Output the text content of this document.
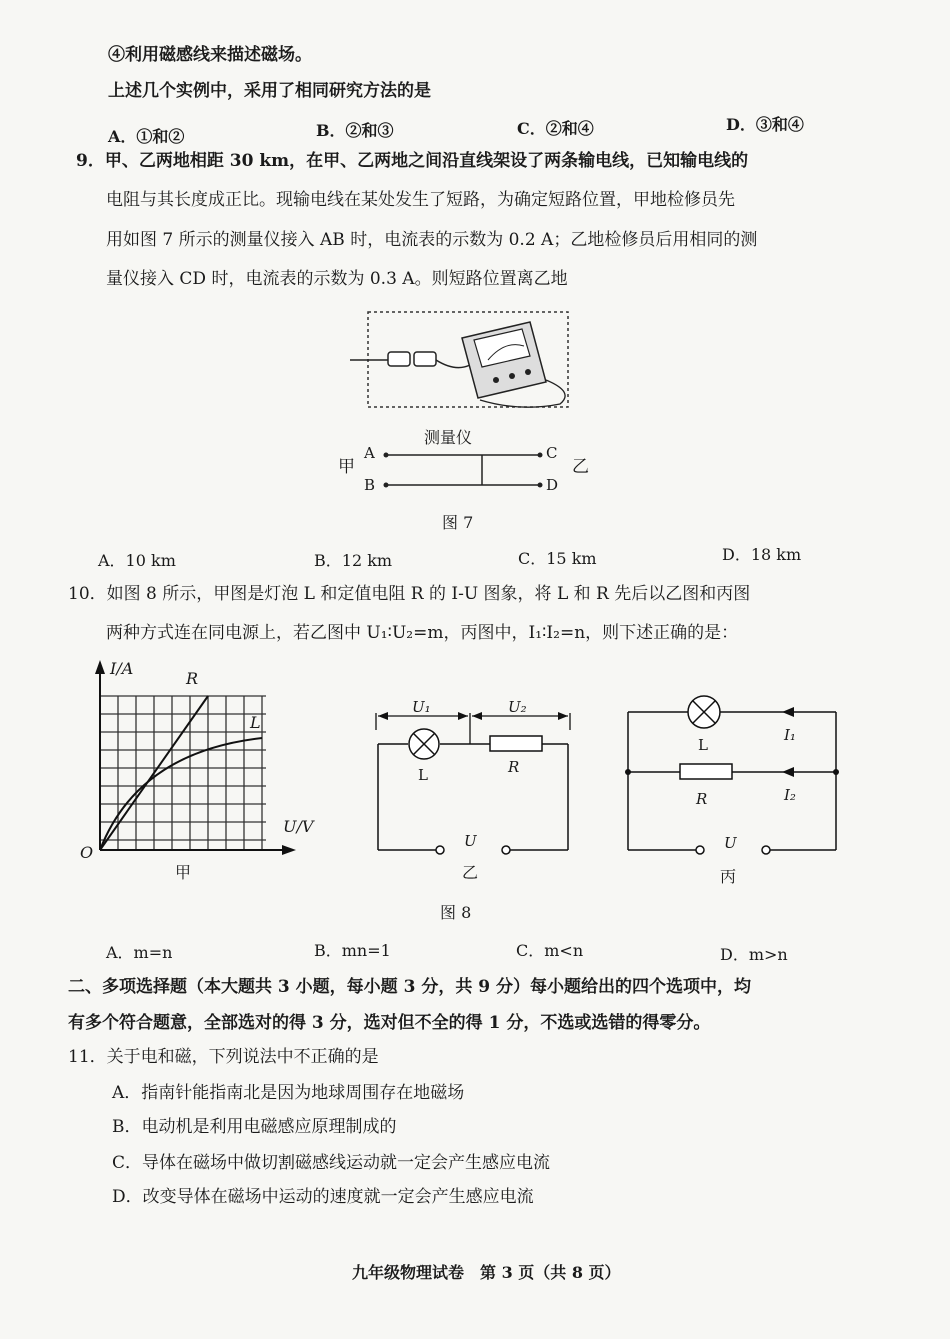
④利用磁感线来描述磁场。
上述几个实例中，采用了相同研究方法的是
A．①和②	B．②和③	C．②和④	D．③和④
9．甲、乙两地相距 30 km，在甲、乙两地之间沿直线架设了两条输电线，已知输电线的
电阻与其长度成正比。现输电线在某处发生了短路，为确定短路位置，甲地检修员先
用如图 7 所示的测量仪接入 AB 时，电流表的示数为 0.2 A；乙地检修员后用相同的测
量仪接入 CD 时，电流表的示数为 0.3 A。则短路位置离乙地
测量仪
A
B
C
D
甲	乙
图 7
A．10 km	B．12 km	C．15 km	D．18 km
10．如图 8 所示，甲图是灯泡 L 和定值电阻 R 的 I-U 图象，将 L 和 R 先后以乙图和丙图
两种方式连在同电源上，若乙图中 U₁∶U₂=m，丙图中，I₁∶I₂=n，则下述正确的是：
I/A
U/V
O
R
L
甲
U₁	U₂
L	R
U
乙
L
R
I₁
I₂
U
丙
图 8
A．m=n	B．mn=1	C．m<n	D．m>n
二、多项选择题（本大题共 3 小题，每小题 3 分，共 9 分）每小题给出的四个选项中，均
有多个符合题意，全部选对的得 3 分，选对但不全的得 1 分，不选或选错的得零分。
11．关于电和磁，下列说法中不正确的是
A．指南针能指南北是因为地球周围存在地磁场
B．电动机是利用电磁感应原理制成的
C．导体在磁场中做切割磁感线运动就一定会产生感应电流
D．改变导体在磁场中运动的速度就一定会产生感应电流
九年级物理试卷　第 3 页（共 8 页）
